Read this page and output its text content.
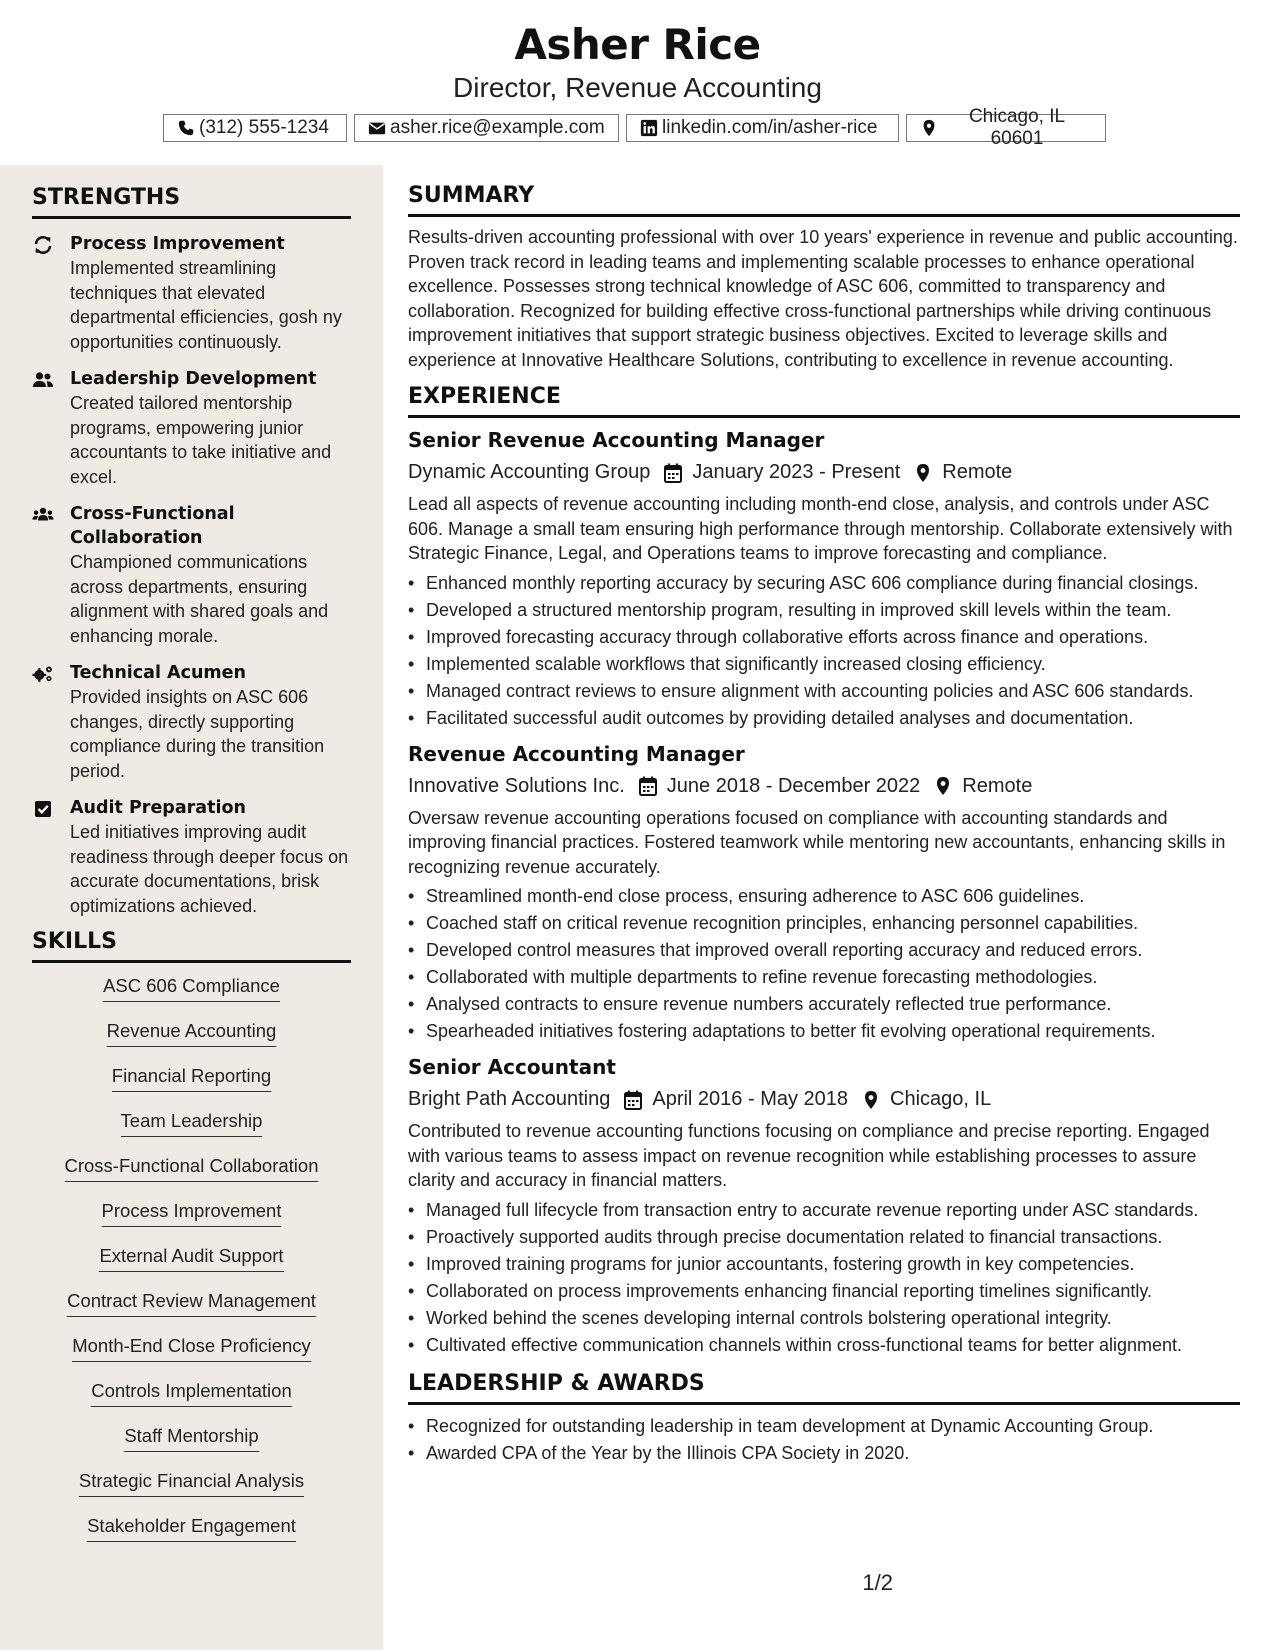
Asher Rice
Director, Revenue Accounting
(312) 555-1234	asher.rice@example.com	linkedin.com/in/asher-rice
Chicago, IL 60601
STRENGTHS
Process Improvement
Implemented streamlining techniques that elevated departmental efficiencies, gosh ny opportunities continuously.
Leadership Development
Created tailored mentorship programs, empowering junior accountants to take initiative and excel.
Cross-Functional Collaboration
Championed communications across departments, ensuring alignment with shared goals and enhancing morale.
Technical Acumen
Provided insights on ASC 606 changes, directly supporting compliance during the transition period.
Audit Preparation
Led initiatives improving audit readiness through deeper focus on accurate documentations, brisk optimizations achieved.
SKILLS
ASC 606 Compliance
Revenue Accounting
Financial Reporting
Team Leadership
Cross-Functional Collaboration
Process Improvement
External Audit Support
Contract Review Management
Month-End Close Proficiency
Controls Implementation
Staff Mentorship
Strategic Financial Analysis
Stakeholder Engagement
SUMMARY

Results-driven accounting professional with over 10 years' experience in revenue and public accounting. Proven track record in leading teams and implementing scalable processes to enhance operational excellence. Possesses strong technical knowledge of ASC 606, committed to transparency and collaboration. Recognized for building effective cross-functional partnerships while driving continuous improvement initiatives that support strategic business objectives. Excited to leverage skills and experience at Innovative Healthcare Solutions, contributing to excellence in revenue accounting.

EXPERIENCE
Senior Revenue Accounting Manager
Dynamic Accounting Group January 2023 - Present Remote

Lead all aspects of revenue accounting including month-end close, analysis, and controls under ASC 606. Manage a small team ensuring high performance through mentorship. Collaborate extensively with Strategic Finance, Legal, and Operations teams to improve forecasting and compliance.

• Enhanced monthly reporting accuracy by securing ASC 606 compliance during financial closings.
• Developed a structured mentorship program, resulting in improved skill levels within the team.
• Improved forecasting accuracy through collaborative efforts across finance and operations.
• Implemented scalable workflows that significantly increased closing efficiency.
• Managed contract reviews to ensure alignment with accounting policies and ASC 606 standards.
• Facilitated successful audit outcomes by providing detailed analyses and documentation.
Revenue Accounting Manager
Innovative Solutions Inc. June 2018 - December 2022 Remote

Oversaw revenue accounting operations focused on compliance with accounting standards and improving financial practices. Fostered teamwork while mentoring new accountants, enhancing skills in recognizing revenue accurately.

• Streamlined month-end close process, ensuring adherence to ASC 606 guidelines.
• Coached staff on critical revenue recognition principles, enhancing personnel capabilities.
• Developed control measures that improved overall reporting accuracy and reduced errors.
• Collaborated with multiple departments to refine revenue forecasting methodologies.
• Analysed contracts to ensure revenue numbers accurately reflected true performance.
• Spearheaded initiatives fostering adaptations to better fit evolving operational requirements.
Senior Accountant
Bright Path Accounting April 2016 - May 2018 Chicago, IL

Contributed to revenue accounting functions focusing on compliance and precise reporting. Engaged with various teams to assess impact on revenue recognition while establishing processes to assure clarity and accuracy in financial matters.

• Managed full lifecycle from transaction entry to accurate revenue reporting under ASC standards.
• Proactively supported audits through precise documentation related to financial transactions.
• Improved training programs for junior accountants, fostering growth in key competencies.
• Collaborated on process improvements enhancing financial reporting timelines significantly.
• Worked behind the scenes developing internal controls bolstering operational integrity.
• Cultivated effective communication channels within cross-functional teams for better alignment.
LEADERSHIP & AWARDS
• Recognized for outstanding leadership in team development at Dynamic Accounting Group.
• Awarded CPA of the Year by the Illinois CPA Society in 2020.
1/2
